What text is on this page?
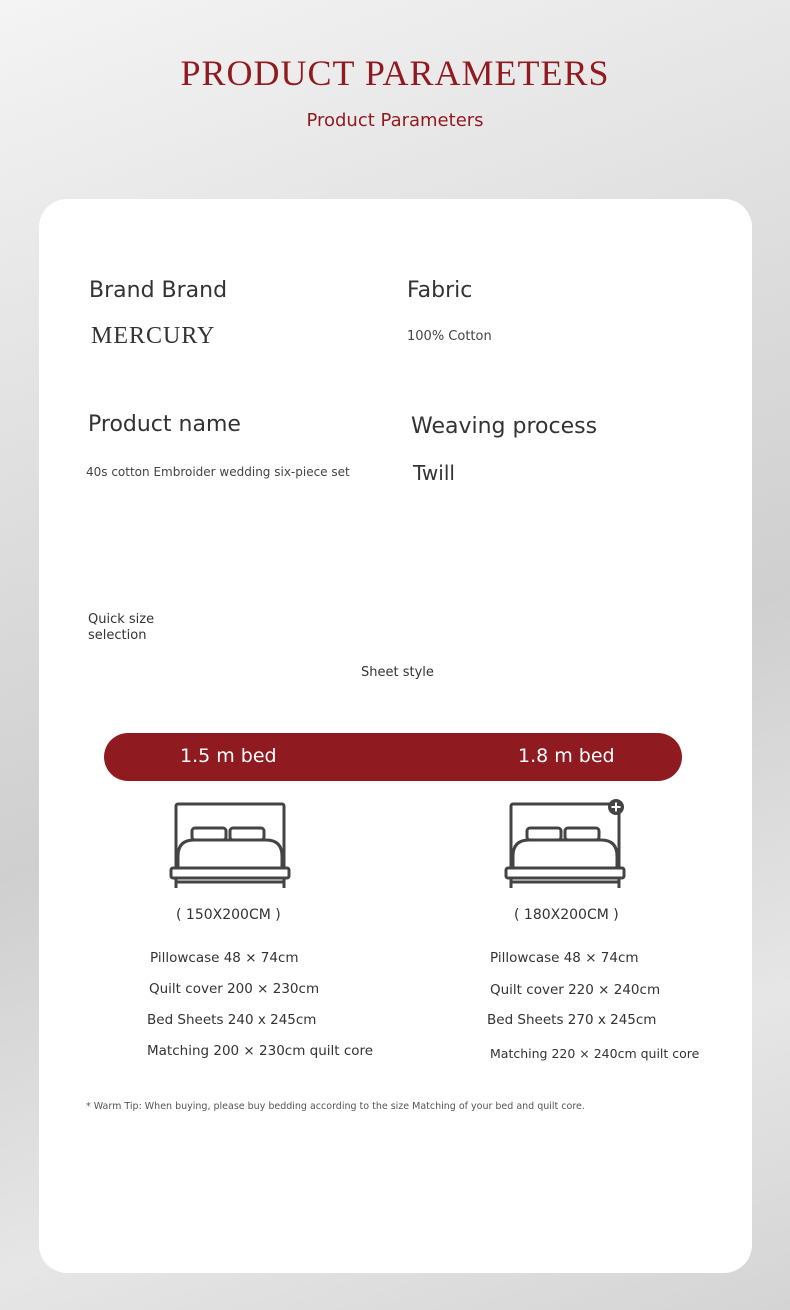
PRODUCT PARAMETERS
Product Parameters
Brand Brand
MERCURY
Fabric
100% Cotton
Product name
40s cotton Embroider wedding six-piece set
Weaving process
Twill
Quick size
selection
Sheet style
1.5 m bed	1.8 m bed
( 150X200CM )	( 180X200CM )
Pillowcase 48 × 74cm
Quilt cover 200 × 230cm
Bed Sheets 240 x 245cm
Matching 200 × 230cm quilt core
Pillowcase 48 × 74cm
Quilt cover 220 × 240cm
Bed Sheets 270 x 245cm
Matching 220 × 240cm quilt core
* Warm Tip: When buying, please buy bedding according to the size Matching of your bed and quilt core.
